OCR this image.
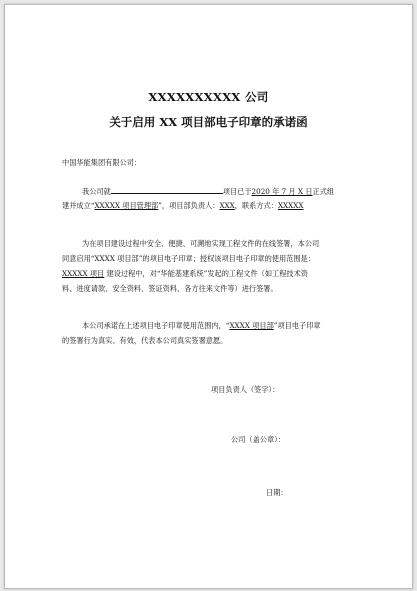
XXXXXXXXXX 公司
关于启用 XX 项目部电子印章的承诺函
中国华能集团有限公司：
我公司就	项目已于2020 年 7 月 X 日正式组
建并成立“XXXXX 项目管理部”，项目部负责人：XXX，联系方式：XXXXX
为在项目建设过程中安全、便捷、可溯地实现工程文件的在线签署，本公司
同意启用“XXXX 项目部”的项目电子印章；授权该项目电子印章的使用范围是：
XXXXX 项目 建设过程中，对“华能基建系统”发起的工程文件（如工程技术资
料、进度请款、安全资料、签证资料、各方往来文件等）进行签署。
本公司承诺在上述项目电子印章使用范围内，“XXXX 项目部”项目电子印章
的签署行为真实、有效，代表本公司真实签署意愿。
项目负责人（签字）：
公司（盖公章）：
日期：
